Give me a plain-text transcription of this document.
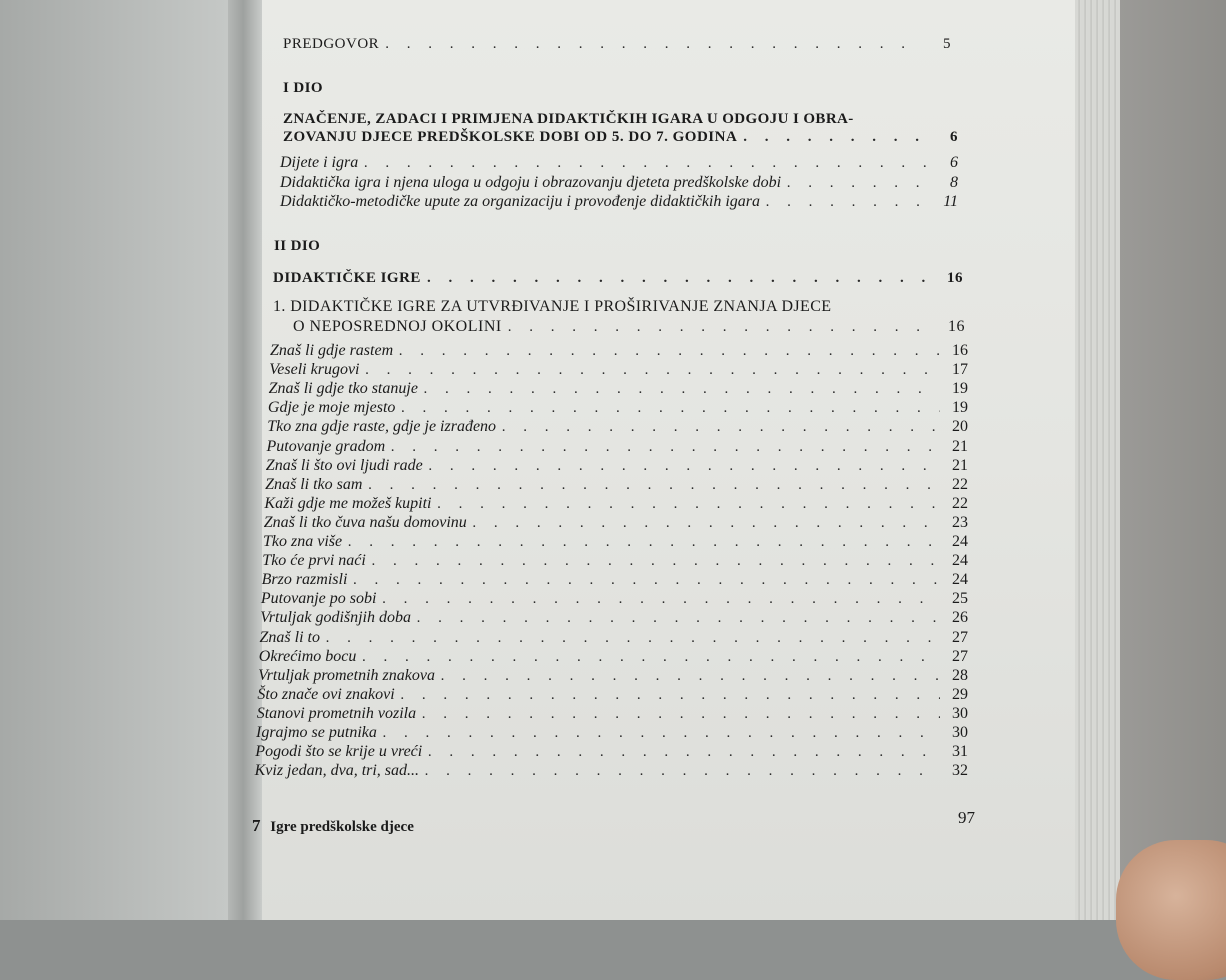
PREDGOVOR . . .	5
I DIO
ZNAČENJE, ZADACI I PRIMJENA DIDAKTIČKIH IGARA U ODGOJU I OBRA-
ZOVANJU DJECE PREDŠKOLSKE DOBI OD 5. DO 7. GODINA . . .	6
Dijete i igra . . .	6
Didaktička igra i njena uloga u odgoju i obrazovanju djeteta predškolske dobi . . .	8
Didaktičko-metodičke upute za organizaciju i provođenje didaktičkih igara . . .	11
II DIO
DIDAKTIČKE IGRE . . .	16
1. DIDAKTIČKE IGRE ZA UTVRĐIVANJE I PROŠIRIVANJE ZNANJA DJECE
O NEPOSREDNOJ OKOLINI . . .	16
Znaš li gdje rastem . . .	16
Veseli krugovi . . .	17
Znaš li gdje tko stanuje . . .	19
Gdje je moje mjesto . . .	19
Tko zna gdje raste, gdje je izrađeno . . .	20
Putovanje gradom . . .	21
Znaš li što ovi ljudi rade . . .	21
Znaš li tko sam . . .	22
Kaži gdje me možeš kupiti . . .	22
Znaš li tko čuva našu domovinu . . .	23
Tko zna više . . .	24
Tko će prvi naći . . .	24
Brzo razmisli . . .	24
Putovanje po sobi . . .	25
Vrtuljak godišnjih doba . . .	26
Znaš li to . . .	27
Okrećimo bocu . . .	27
Vrtuljak prometnih znakova . . .	28
Što znače ovi znakovi . . .	29
Stanovi prometnih vozila . . .	30
Igrajmo se putnika . . .	30
Pogodi što se krije u vreći . . .	31
Kviz jedan, dva, tri, sad... . . .	32
7 Igre predškolske djece	97
